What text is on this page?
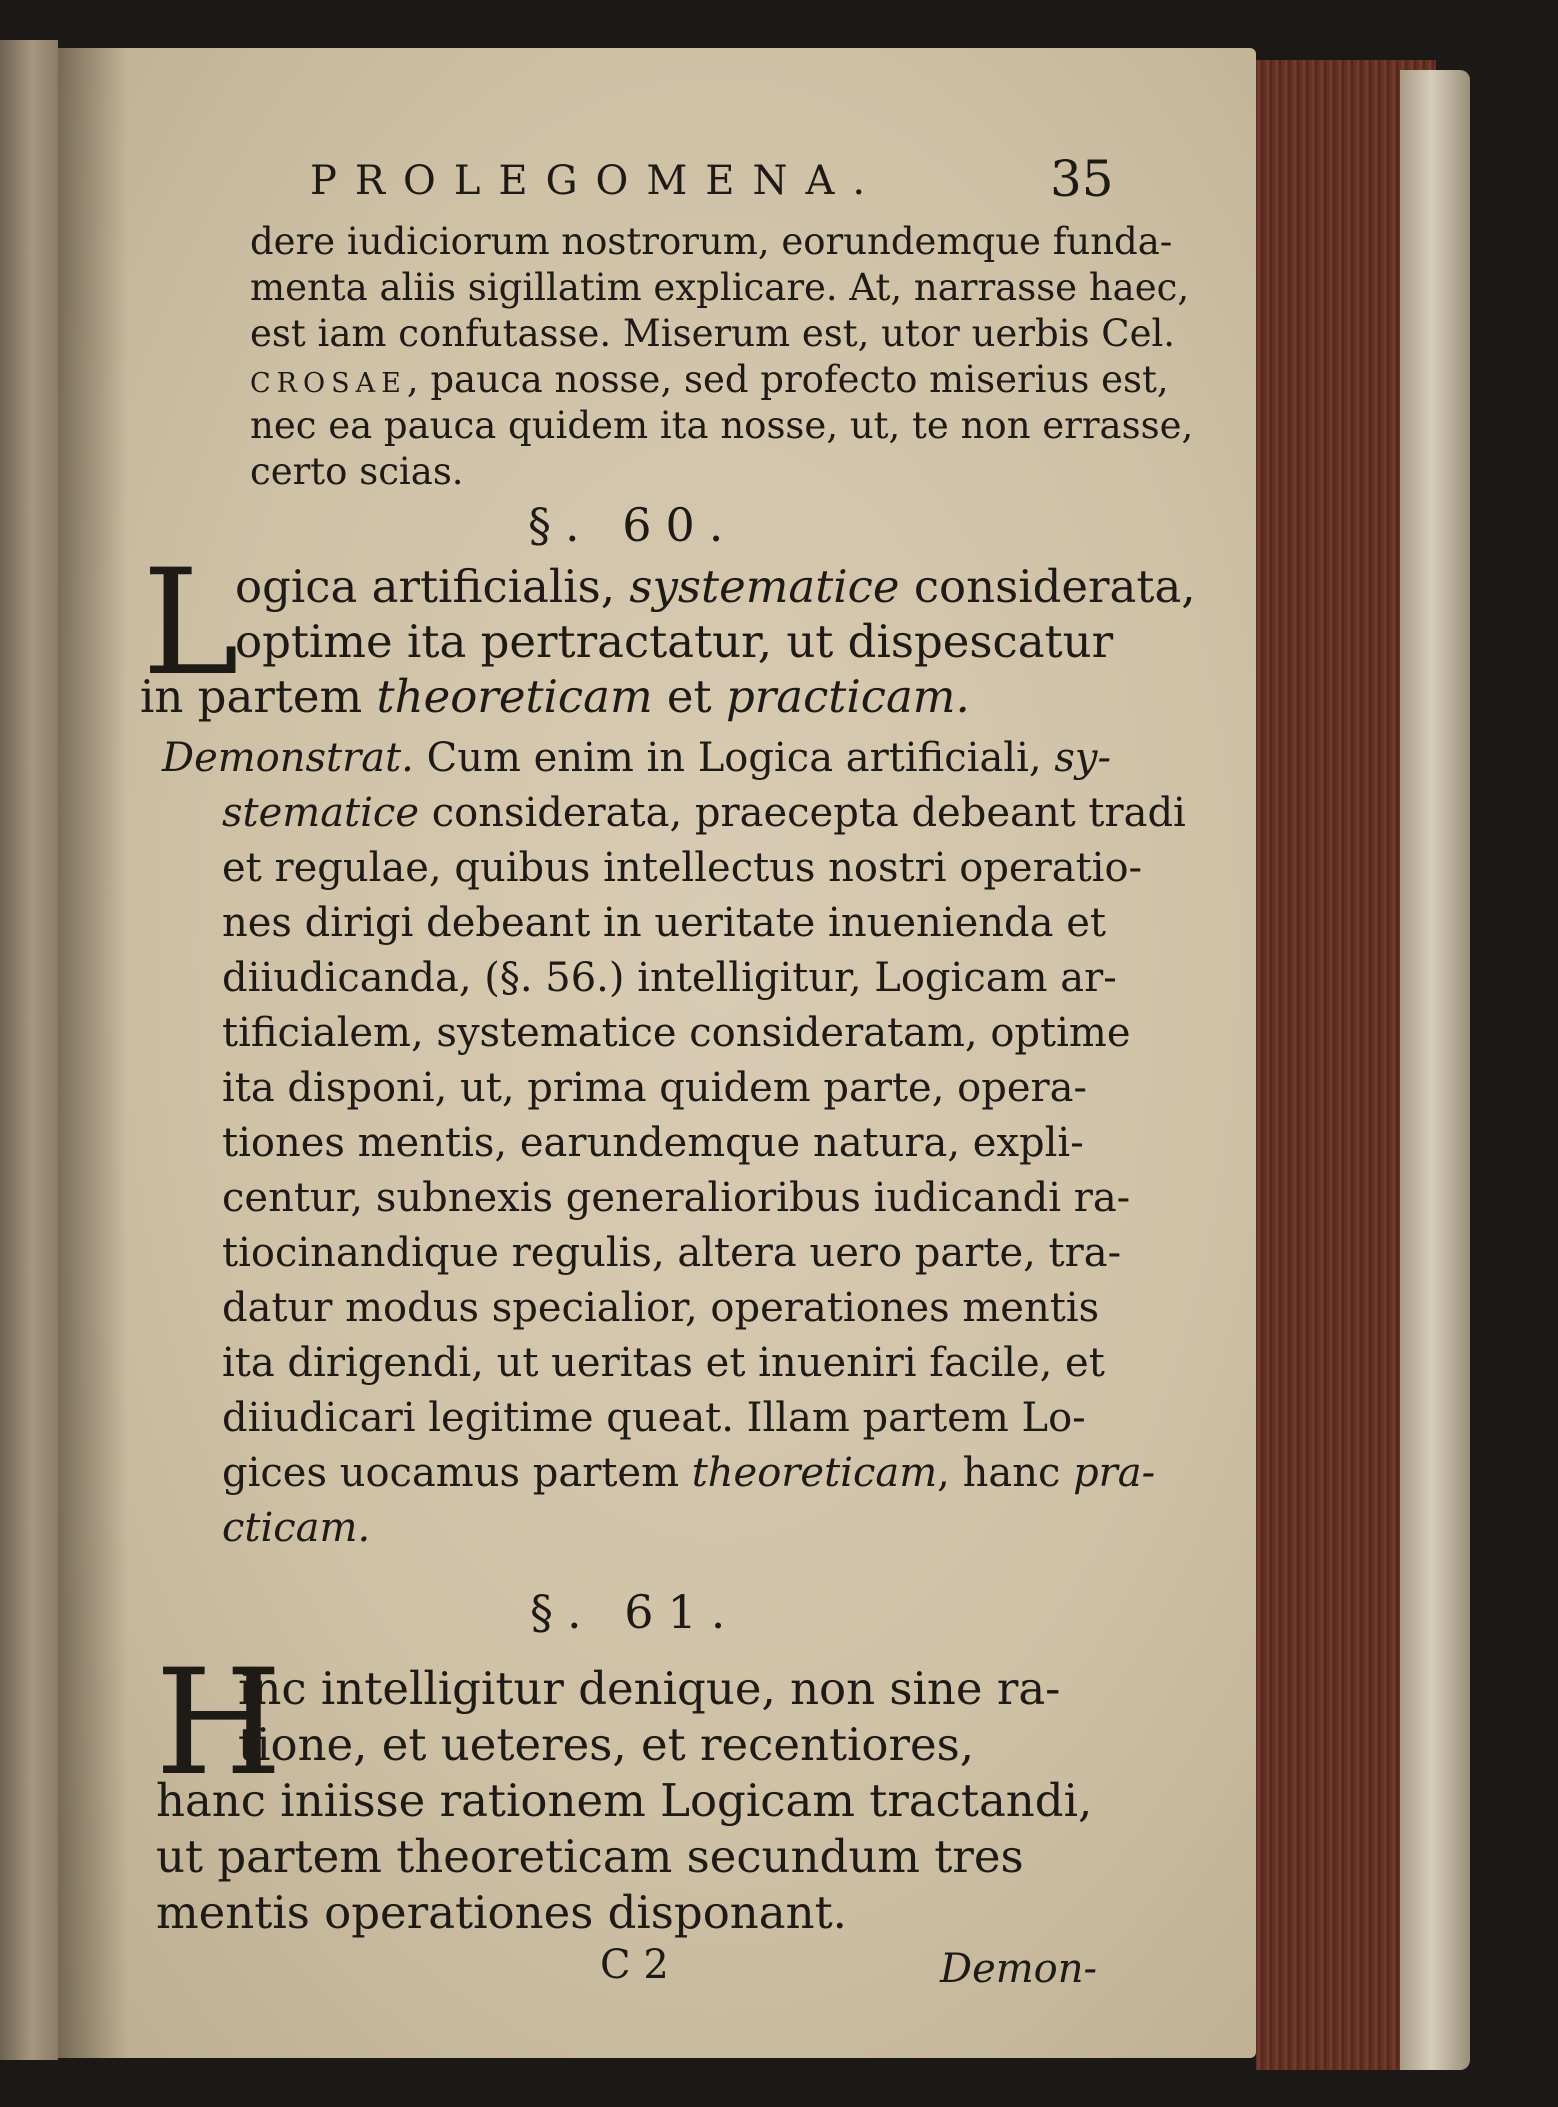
PROLEGOMENA.	35
dere iudiciorum nostrorum, eorundemque funda-
menta aliis sigillatim explicare. At, narrasse haec,
est iam confutasse. Miserum est, utor uerbis Cel.
CROSAE, pauca nosse, sed profecto miserius est,
nec ea pauca quidem ita nosse, ut, te non errasse,
certo scias.
§. 60.
L
ogica artificialis, systematice considerata,
optime ita pertractatur, ut dispescatur
in partem theoreticam et practicam.
Demonstrat. Cum enim in Logica artificiali, sy-
stematice considerata, praecepta debeant tradi
et regulae, quibus intellectus nostri operatio-
nes dirigi debeant in ueritate inuenienda et
diiudicanda, (§. 56.) intelligitur, Logicam ar-
tificialem, systematice consideratam, optime
ita disponi, ut, prima quidem parte, opera-
tiones mentis, earundemque natura, expli-
centur, subnexis generalioribus iudicandi ra-
tiocinandique regulis, altera uero parte, tra-
datur modus specialior, operationes mentis
ita dirigendi, ut ueritas et inueniri facile, et
diiudicari legitime queat. Illam partem Lo-
gices uocamus partem theoreticam, hanc pra-
cticam.
§. 61.
H
inc intelligitur denique, non sine ra-
tione, et ueteres, et recentiores,
hanc iniisse rationem Logicam tractandi,
ut partem theoreticam secundum tres
mentis operationes disponant.
C 2	Demon-
